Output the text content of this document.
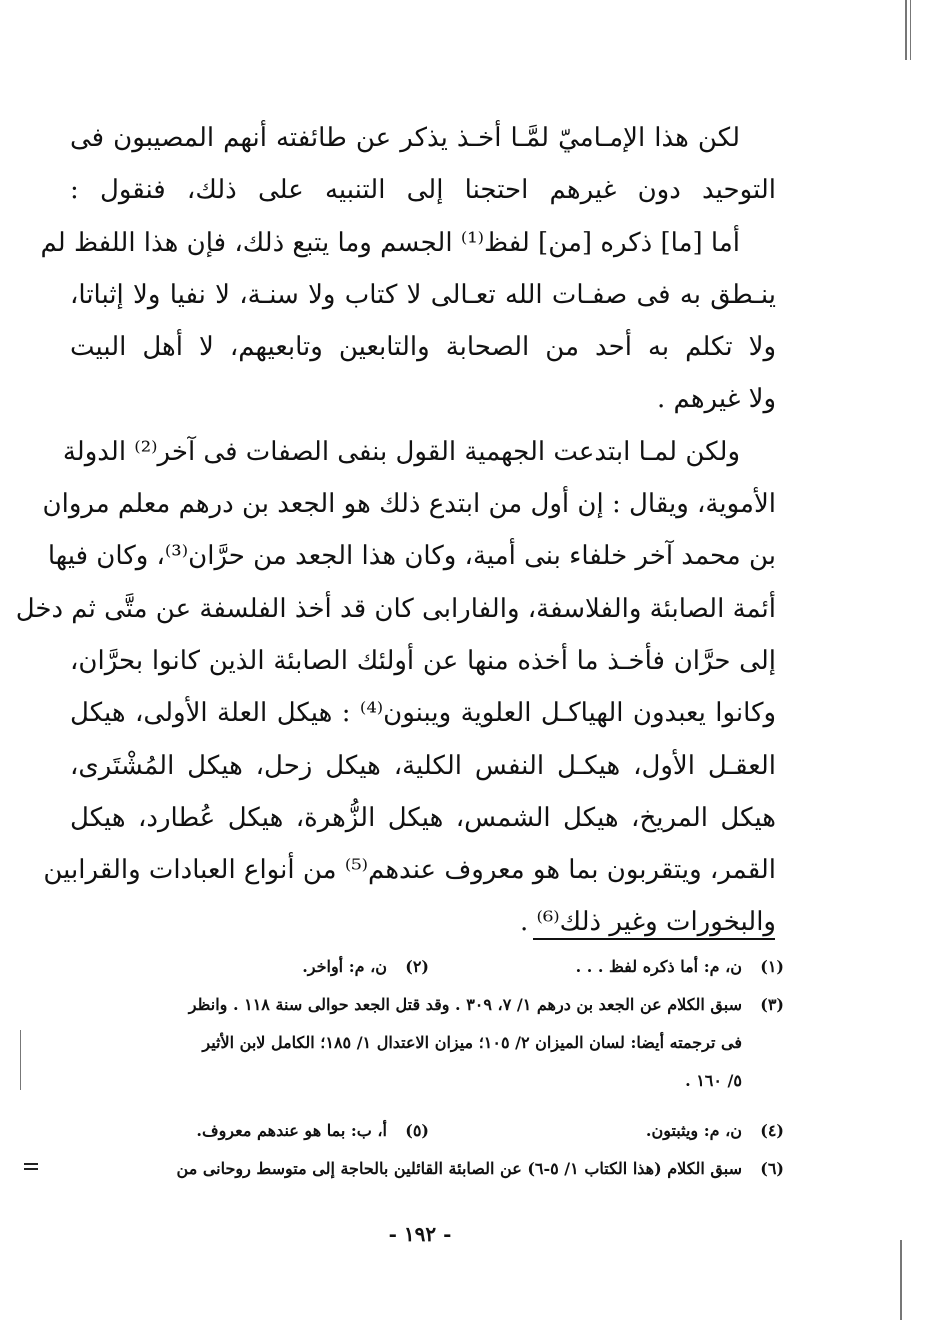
لكن هذا الإمـاميّ لمَّـا أخـذ يذكر عن طائفته أنهم المصيبون فى
التوحيد دون غيرهم احتجنا إلى التنبيه على ذلك، فنقول :
أما [ما] ذكره [من] لفظ⁽¹⁾ الجسم وما يتبع ذلك، فإن هذا اللفظ لم
ينـطق به فى صفـات الله تعـالى لا كتاب ولا سنـة، لا نفيا ولا إثباتا،
ولا تكلم به أحد من الصحابة والتابعين وتابعيهم، لا أهل البيت
ولا غيرهم .
ولكن لمـا ابتدعت الجهمية القول بنفى الصفات فى آخر⁽²⁾ الدولة
الأموية، ويقال : إن أول من ابتدع ذلك هو الجعد بن درهم معلم مروان
بن محمد آخر خلفاء بنى أمية، وكان هذا الجعد من حرَّان⁽³⁾، وكان فيها
أئمة الصابئة والفلاسفة، والفارابى كان قد أخذ الفلسفة عن متَّى ثم دخل
إلى حرَّان فأخـذ ما أخذه منها عن أولئك الصابئة الذين كانوا بحرَّان،
وكانوا يعبدون الهياكـل العلوية ويبنون⁽⁴⁾ : هيكل العلة الأولى، هيكل
العقـل الأول، هيكـل النفس الكلية، هيكل زحل، هيكل المُشْتَرى،
هيكل المريخ، هيكل الشمس، هيكل الزُّهرة، هيكل عُطارد، هيكل
القمر، ويتقربون بما هو معروف عندهم⁽⁵⁾ من أنواع العبادات والقرابين
والبخورات وغير ذلك⁽⁶⁾ .
(١)
ن، م: أما ذكره لفظ . . .
(٢)
ن، م: أواخر.
(٣)
سبق الكلام عن الجعد بن درهم ١/ ٧، ٣٠٩ . وقد قتل الجعد حوالى سنة ١١٨ . وانظر
فى ترجمته أيضا: لسان الميزان ٢/ ١٠٥؛ ميزان الاعتدال ١/ ١٨٥؛ الكامل لابن الأثير
٥/ ١٦٠ .
(٤)
ن، م: ويثبتون.
(٥)
أ، ب: بما هو عندهم معروف.
(٦)
سبق الكلام (هذا الكتاب ١/ ٥-٦) عن الصابئة القائلين بالحاجة إلى متوسط روحانى من
- ١٩٢ -
